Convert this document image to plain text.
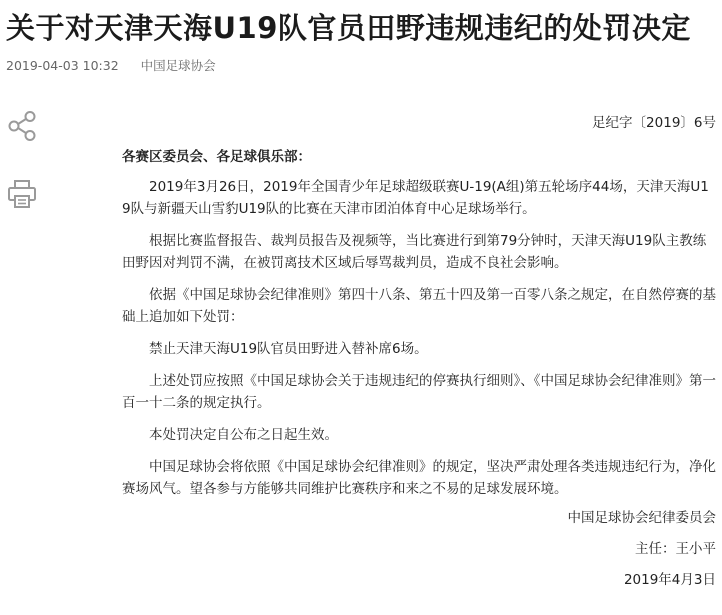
关于对天津天海U19队官员田野违规违纪的处罚决定
2019-04-03 10:32 中国足球协会
足纪字〔2019〕6号
各赛区委员会、各足球俱乐部：

2019年3月26日，2019年全国青少年足球超级联赛U-19(A组)第五轮场序44场，天津天海U19队与新疆天山雪豹U19队的比赛在天津市团泊体育中心足球场举行。

根据比赛监督报告、裁判员报告及视频等，当比赛进行到第79分钟时，天津天海U19队主教练田野因对判罚不满，在被罚离技术区域后辱骂裁判员，造成不良社会影响。

依据《中国足球协会纪律准则》第四十八条、第五十四及第一百零八条之规定，在自然停赛的基础上追加如下处罚：

禁止天津天海U19队官员田野进入替补席6场。

上述处罚应按照《中国足球协会关于违规违纪的停赛执行细则》、《中国足球协会纪律准则》第一百一十二条的规定执行。

本处罚决定自公布之日起生效。

中国足球协会将依照《中国足球协会纪律准则》的规定，坚决严肃处理各类违规违纪行为，净化赛场风气。望各参与方能够共同维护比赛秩序和来之不易的足球发展环境。

中国足球协会纪律委员会
主任：王小平
2019年4月3日
